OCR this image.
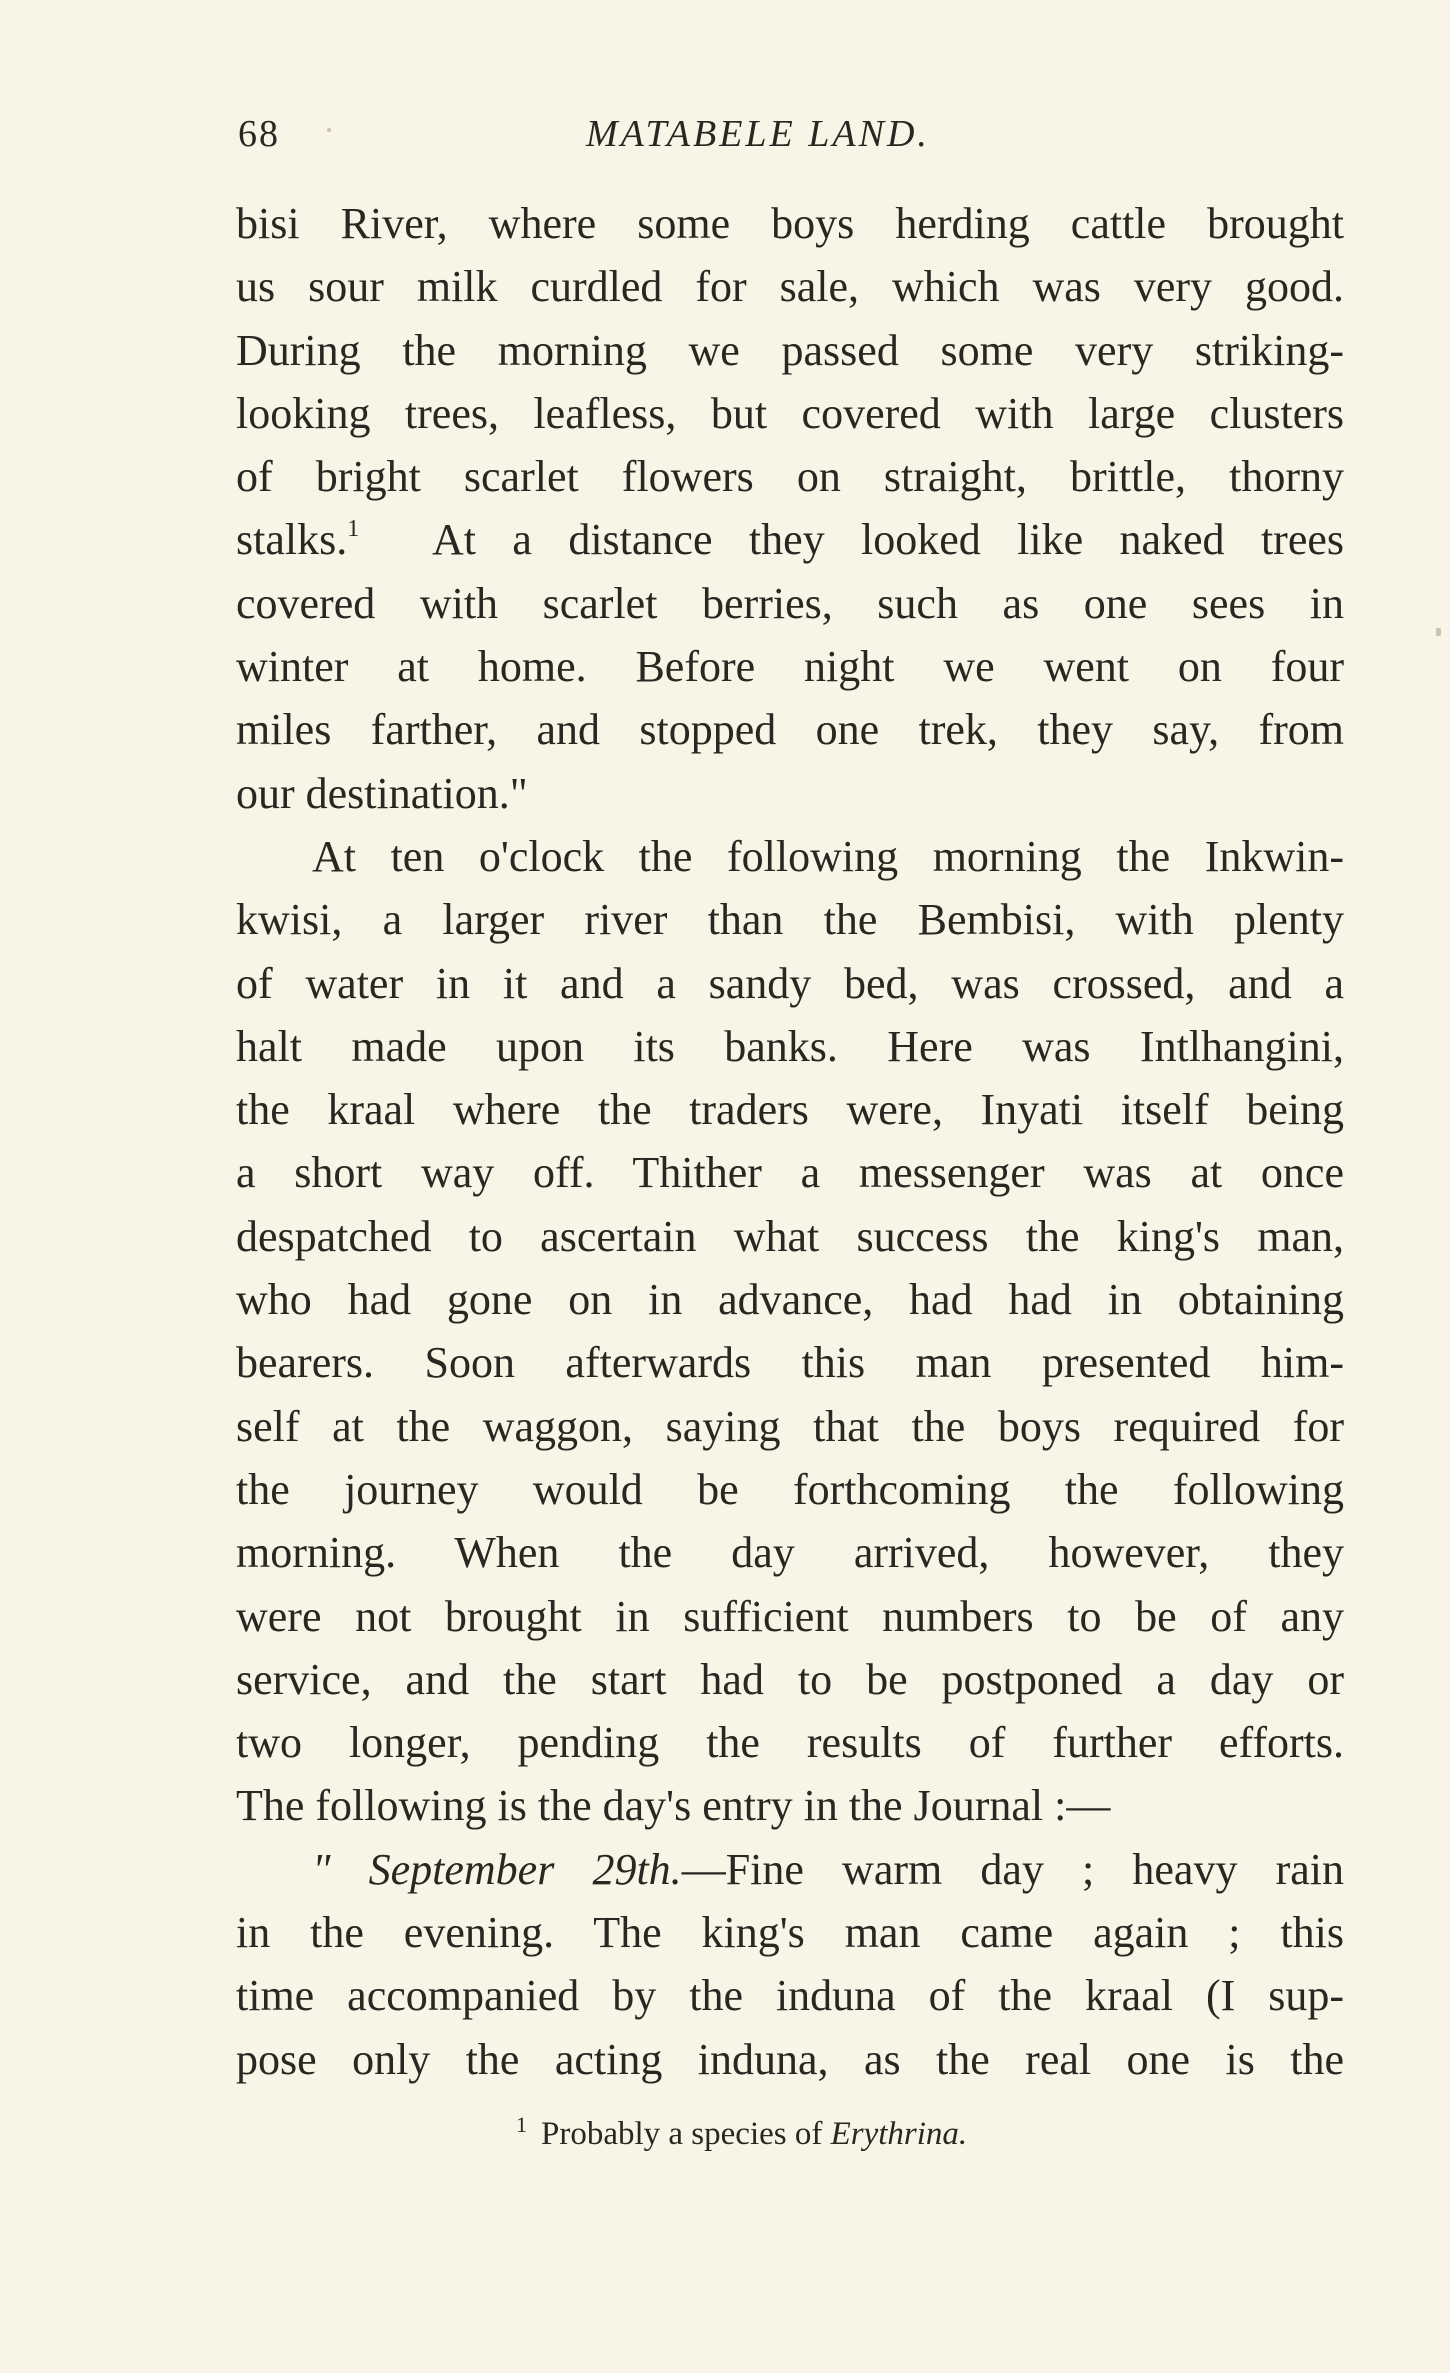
68	MATABELE LAND.
bisi River, where some boys herding cattle brought
us sour milk curdled for sale, which was very good.
During the morning we passed some very striking-
looking trees, leafless, but covered with large clusters
of bright scarlet flowers on straight, brittle, thorny
stalks.$^1$ At a distance they looked like naked trees
covered with scarlet berries, such as one sees in
winter at home. Before night we went on four
miles farther, and stopped one trek, they say, from
our destination."
At ten o'clock the following morning the Inkwin-
kwisi, a larger river than the Bembisi, with plenty
of water in it and a sandy bed, was crossed, and a
halt made upon its banks. Here was Intlhangini,
the kraal where the traders were, Inyati itself being
a short way off. Thither a messenger was at once
despatched to ascertain what success the king's man,
who had gone on in advance, had had in obtaining
bearers. Soon afterwards this man presented him-
self at the waggon, saying that the boys required for
the journey would be forthcoming the following
morning. When the day arrived, however, they
were not brought in sufficient numbers to be of any
service, and the start had to be postponed a day or
two longer, pending the results of further efforts.
The following is the day's entry in the Journal :—
" September 29th.—Fine warm day ; heavy rain
in the evening. The king's man came again ; this
time accompanied by the induna of the kraal (I sup-
pose only the acting induna, as the real one is the
$^1$ Probably a species of Erythrina.
